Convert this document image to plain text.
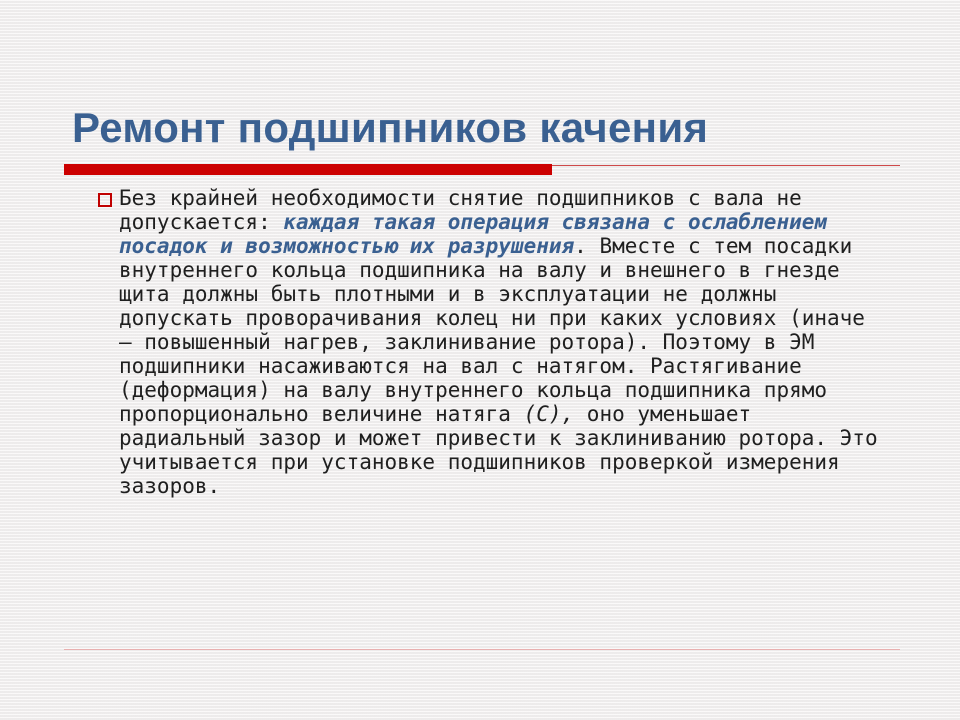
Ремонт подшипников качения

Без крайней необходимости снятие подшипников с вала не допускается: каждая такая операция связана с ослаблением посадок и возможностью их разрушения. Вместе с тем посадки внутреннего кольца подшипника на валу и внешнего в гнезде щита должны быть плотными и в эксплуатации не должны допускать проворачивания колец ни при каких условиях (иначе — повышенный нагрев, заклинивание ротора). Поэтому в ЭМ подшипники насаживаются на вал с натягом. Растягивание (деформация) на валу внутреннего кольца подшипника прямо пропорционально величине натяга (С), оно уменьшает радиальный зазор и может привести к заклиниванию ротора. Это учитывается при установке подшипников проверкой измерения зазоров.
